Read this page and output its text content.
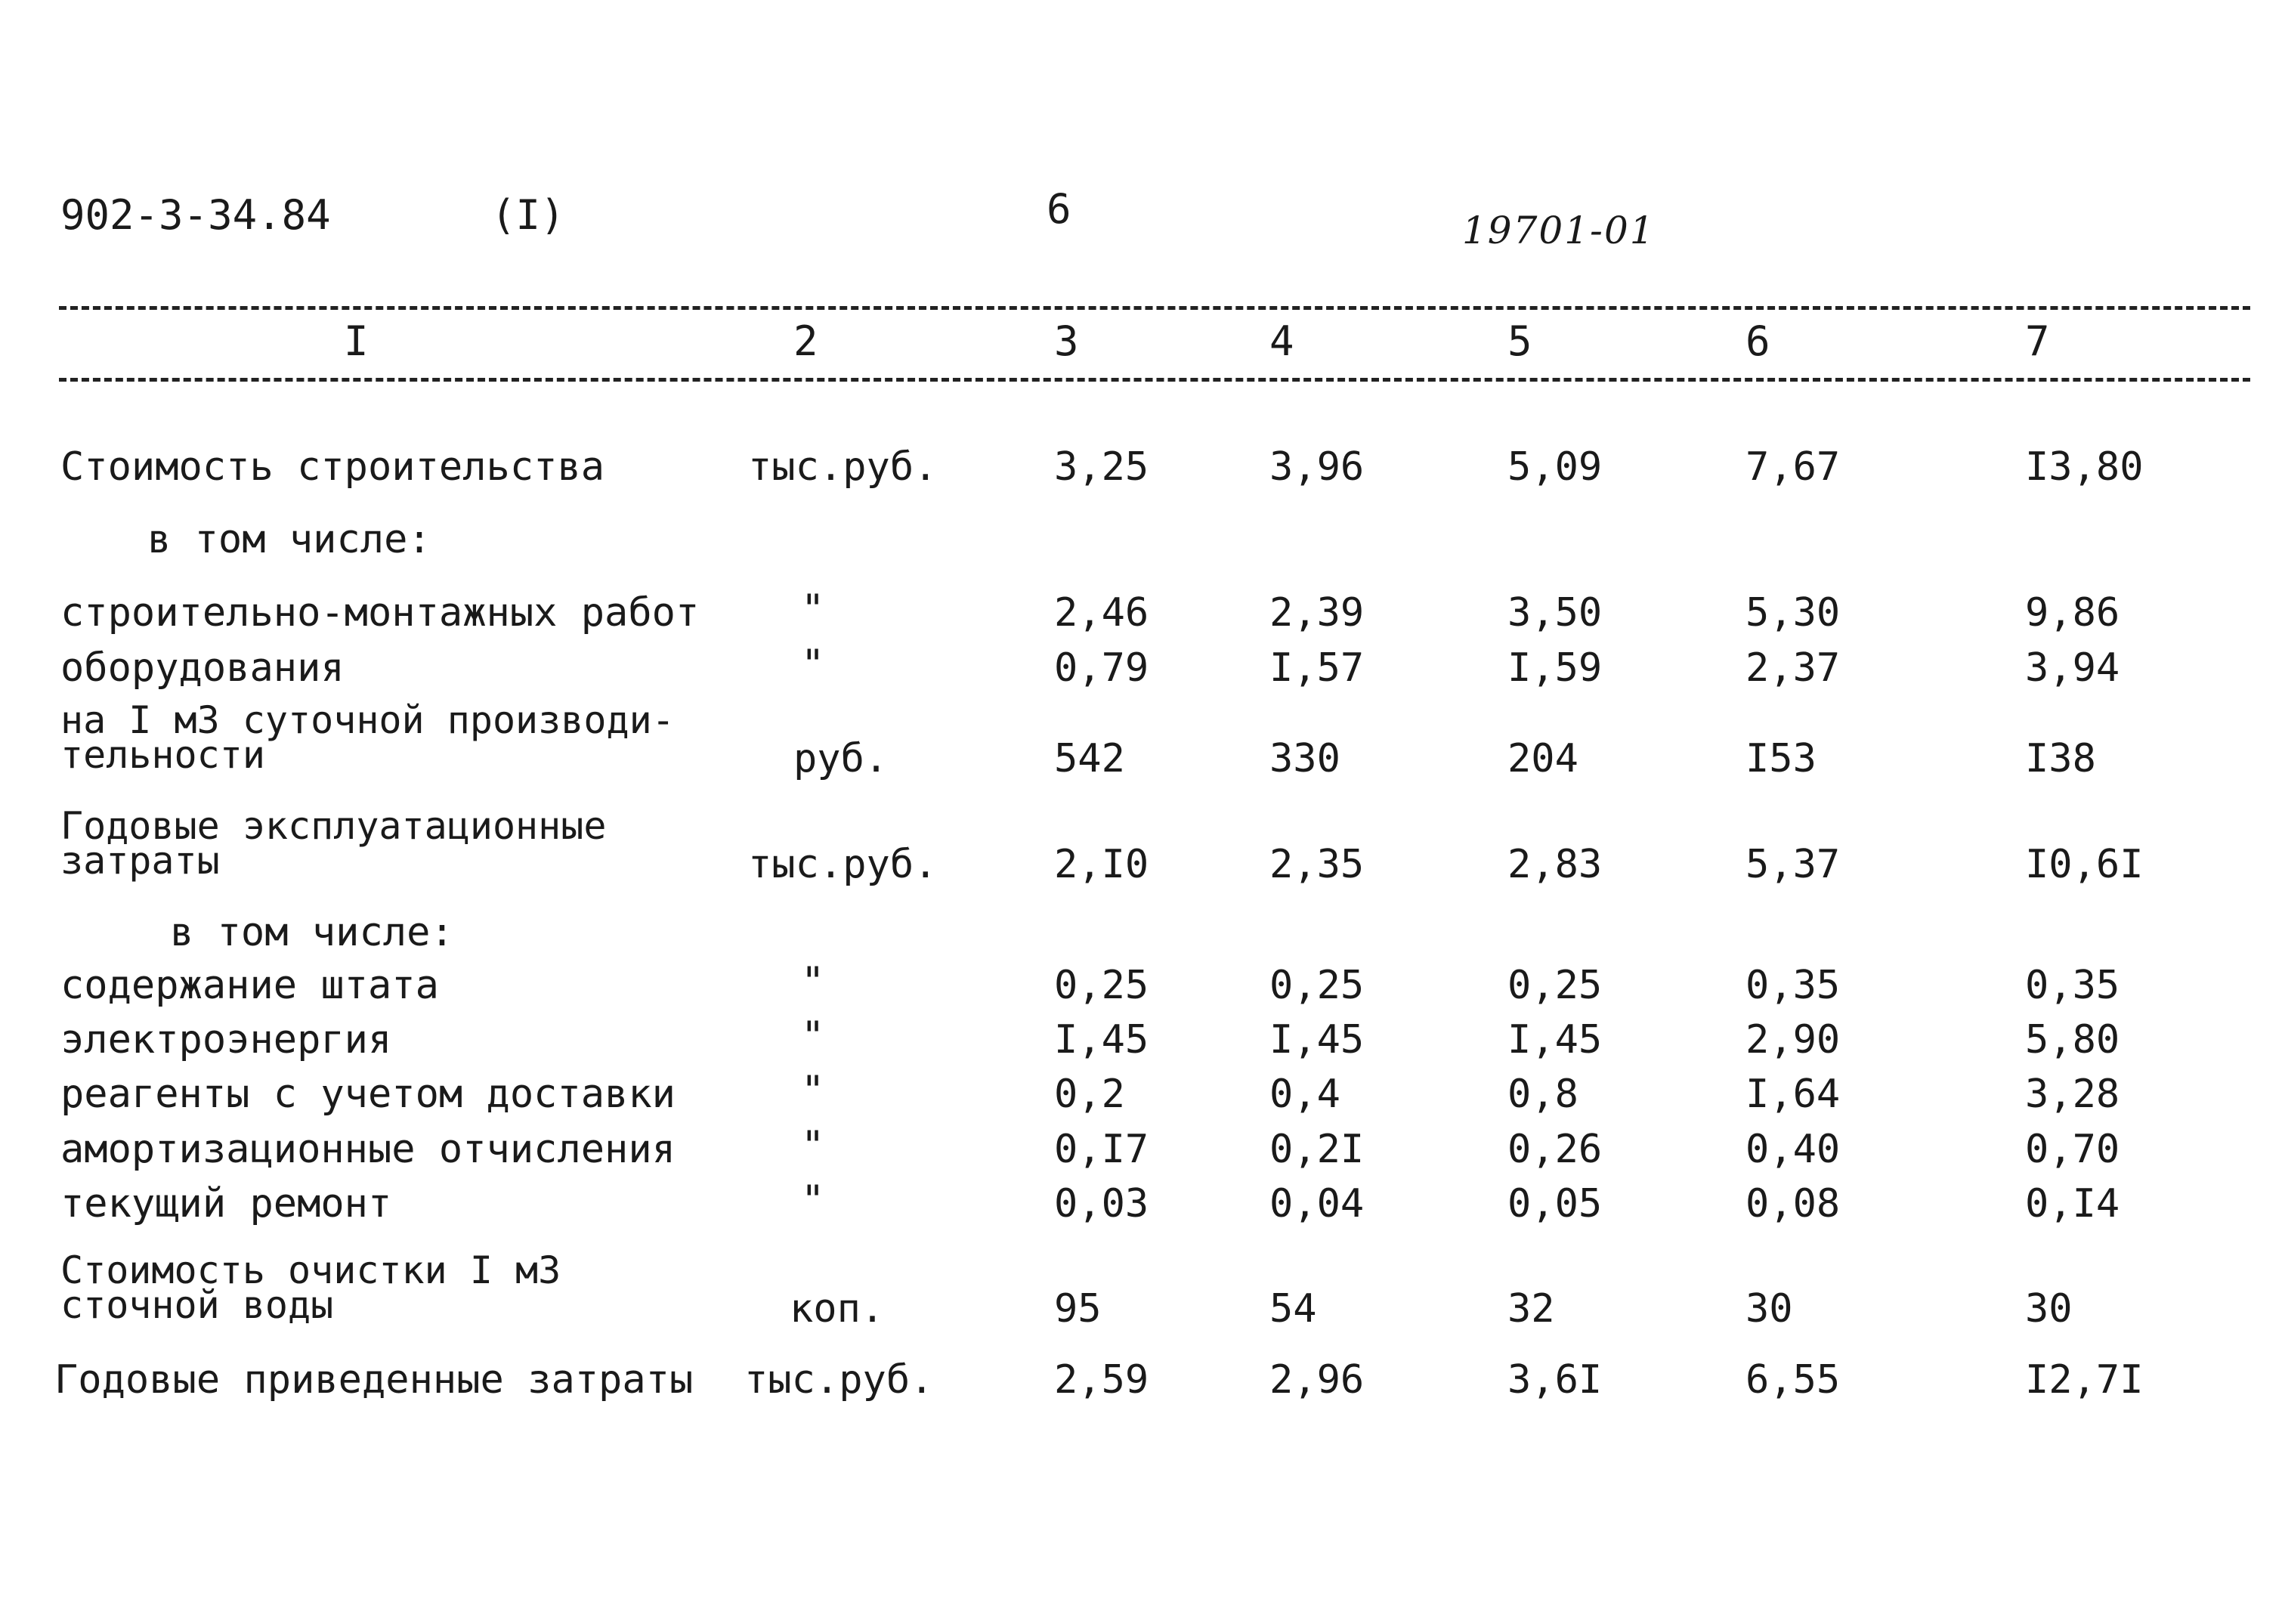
902-3-34.84	(I)	6	19701-01
I	2	3	4	5	6	7
Стоимость строительства	тыс.руб.	3,25	3,96	5,09	7,67	I3,80
в том числе:
строительно-монтажных работ	"	2,46	2,39	3,50	5,30	9,86
оборудования	"	0,79	I,57	I,59	2,37	3,94
на I м3 суточной производи-
тельности	руб.	542	330	204	I53	I38
Годовые эксплуатационные
затраты	тыс.руб.	2,I0	2,35	2,83	5,37	I0,6I
в том числе:
содержание штата	"	0,25	0,25	0,25	0,35	0,35
электроэнергия	"	I,45	I,45	I,45	2,90	5,80
реагенты с учетом доставки	"	0,2	0,4	0,8	I,64	3,28
амортизационные отчисления	"	0,I7	0,2I	0,26	0,40	0,70
текущий ремонт	"	0,03	0,04	0,05	0,08	0,I4
Стоимость очистки I м3
сточной воды	коп.	95	54	32	30	30
Годовые приведенные затраты тыс.руб.	2,59	2,96	3,6I	6,55	I2,7I
